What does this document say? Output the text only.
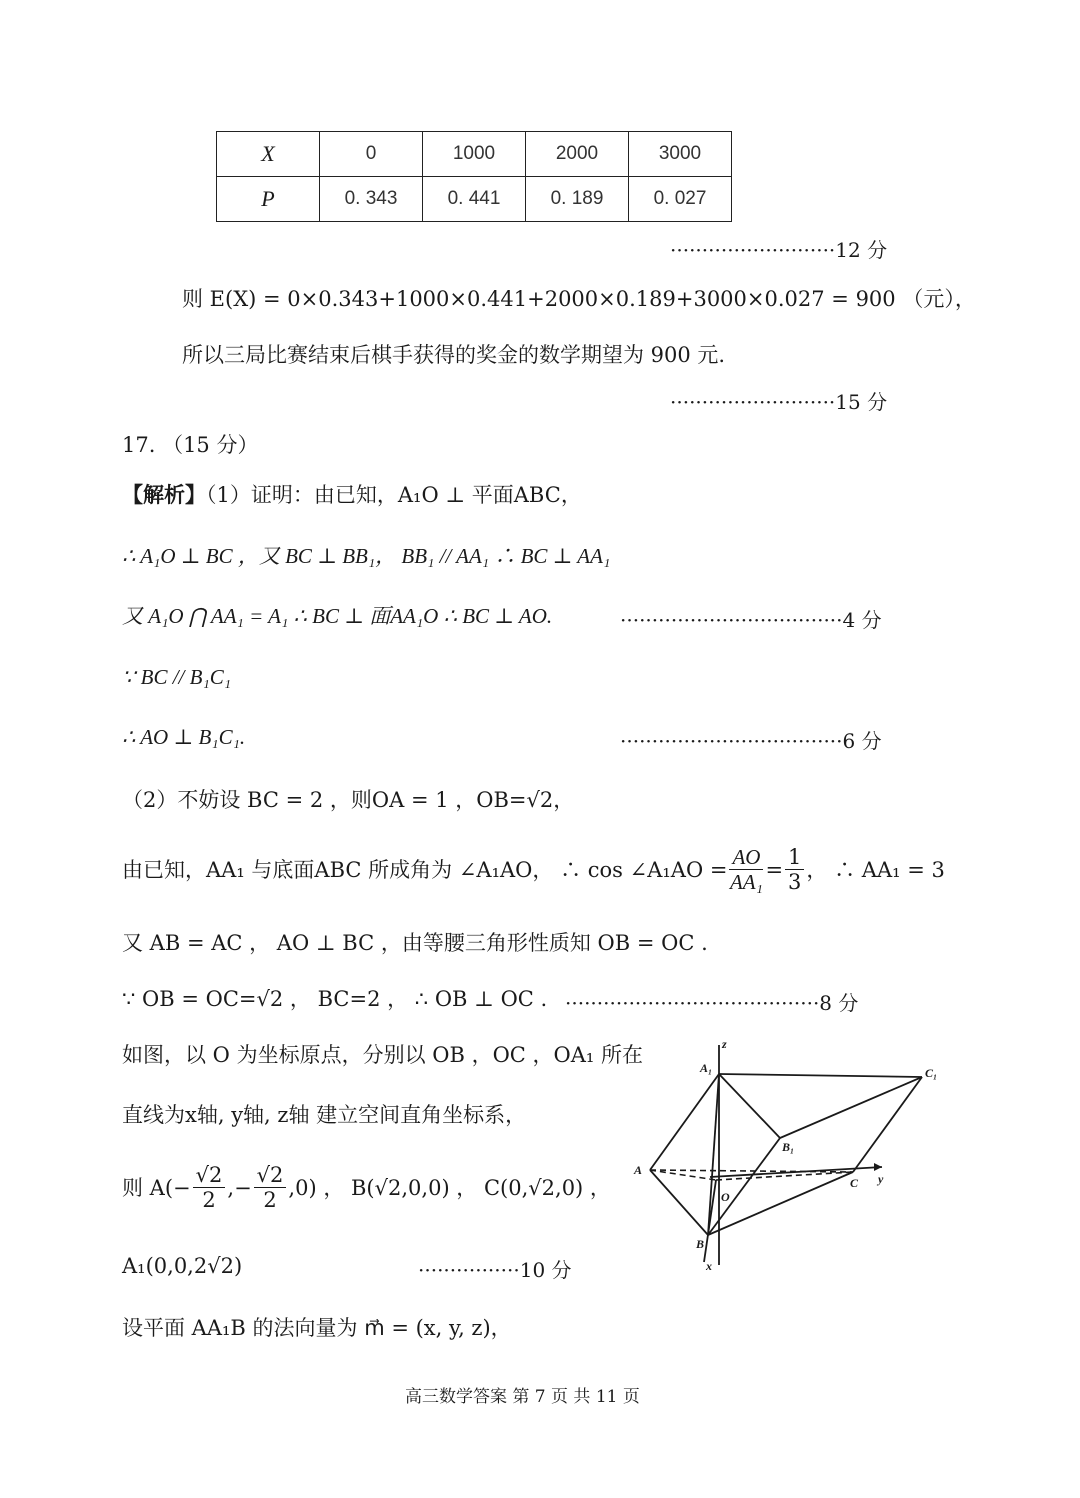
X	0	1000	2000	3000
P	0. 343	0. 441	0. 189	0. 027
··························12 分
则 E(X) = 0×0.343+1000×0.441+2000×0.189+3000×0.027 = 900 （元），
所以三局比赛结束后棋手获得的奖金的数学期望为 900 元.
··························15 分
17. （15 分）
【解析】（1）证明：由已知，A₁O ⊥ 平面ABC，
∴ A₁O ⊥ BC ，又 BC ⊥ BB₁， BB₁ // AA₁ ∴ BC ⊥ AA₁
又 A₁O ⋂ AA₁ = A₁ ∴ BC ⊥ 面AA₁O ∴ BC ⊥ AO.	···································4 分
∵ BC // B₁C₁
∴ AO ⊥ B₁C₁.	···································6 分
（2）不妨设 BC = 2 ，则OA = 1 ，OB=√2，
由已知，AA₁ 与底面ABC 所成角为 ∠A₁AO， ∴ cos ∠A₁AO = $\frac{AO}{\text{AA₁}} = \frac{1}{3}$ ， ∴ AA₁ = 3
又 AB = AC ， AO ⊥ BC ，由等腰三角形性质知 OB = OC .
∵ OB = OC=√2 ， BC=2 ， ∴ OB ⊥ OC . ········································8 分
如图，以 O 为坐标原点，分别以 OB ，OC ，OA₁ 所在
直线为x轴, y轴, z轴 建立空间直角坐标系，
则 $A(- \frac{√2}{2}$ ,− $\frac{√2}{2} ,0$) ， B(√2,0,0) ， C(0,√2,0) ，
A₁(0,0,2√2)	················10 分
设平面 AA₁B 的法向量为 m⃗ = (x, y, z)，
z
A₁	C₁
B₁
A
C y
O
B
x
高三数学答案 第 7 页 共 11 页
